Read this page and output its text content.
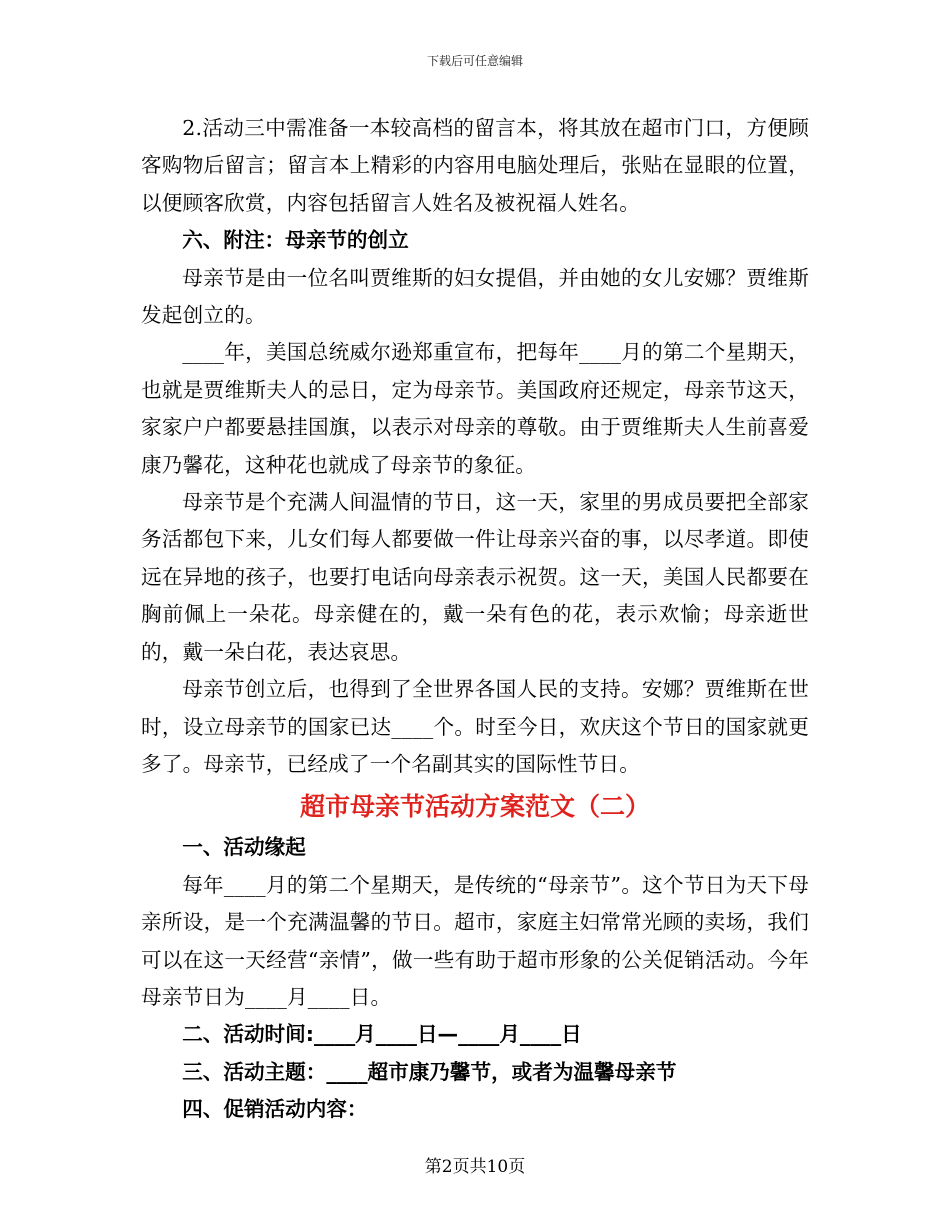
下载后可任意编辑

2.活动三中需准备一本较高档的留言本，将其放在超市门口，方便顾客购物后留言；留言本上精彩的内容用电脑处理后，张贴在显眼的位置，以便顾客欣赏，内容包括留言人姓名及被祝福人姓名。

六、附注：母亲节的创立

母亲节是由一位名叫贾维斯的妇女提倡，并由她的女儿安娜？贾维斯发起创立的。

____年，美国总统威尔逊郑重宣布，把每年____月的第二个星期天，也就是贾维斯夫人的忌日，定为母亲节。美国政府还规定，母亲节这天，家家户户都要悬挂国旗，以表示对母亲的尊敬。由于贾维斯夫人生前喜爱康乃馨花，这种花也就成了母亲节的象征。

母亲节是个充满人间温情的节日，这一天，家里的男成员要把全部家务活都包下来，儿女们每人都要做一件让母亲兴奋的事，以尽孝道。即使远在异地的孩子，也要打电话向母亲表示祝贺。这一天，美国人民都要在胸前佩上一朵花。母亲健在的，戴一朵有色的花，表示欢愉；母亲逝世的，戴一朵白花，表达哀思。

母亲节创立后，也得到了全世界各国人民的支持。安娜？贾维斯在世时，设立母亲节的国家已达____个。时至今日，欢庆这个节日的国家就更多了。母亲节，已经成了一个名副其实的国际性节日。

超市母亲节活动方案范文（二）

一、活动缘起

每年____月的第二个星期天，是传统的“母亲节”。这个节日为天下母亲所设，是一个充满温馨的节日。超市，家庭主妇常常光顾的卖场，我们可以在这一天经营“亲情”，做一些有助于超市形象的公关促销活动。今年母亲节日为____月____日。

二、活动时间:____月____日—____月____日

三、活动主题：____超市康乃馨节，或者为温馨母亲节

四、促销活动内容：

第2页共10页
